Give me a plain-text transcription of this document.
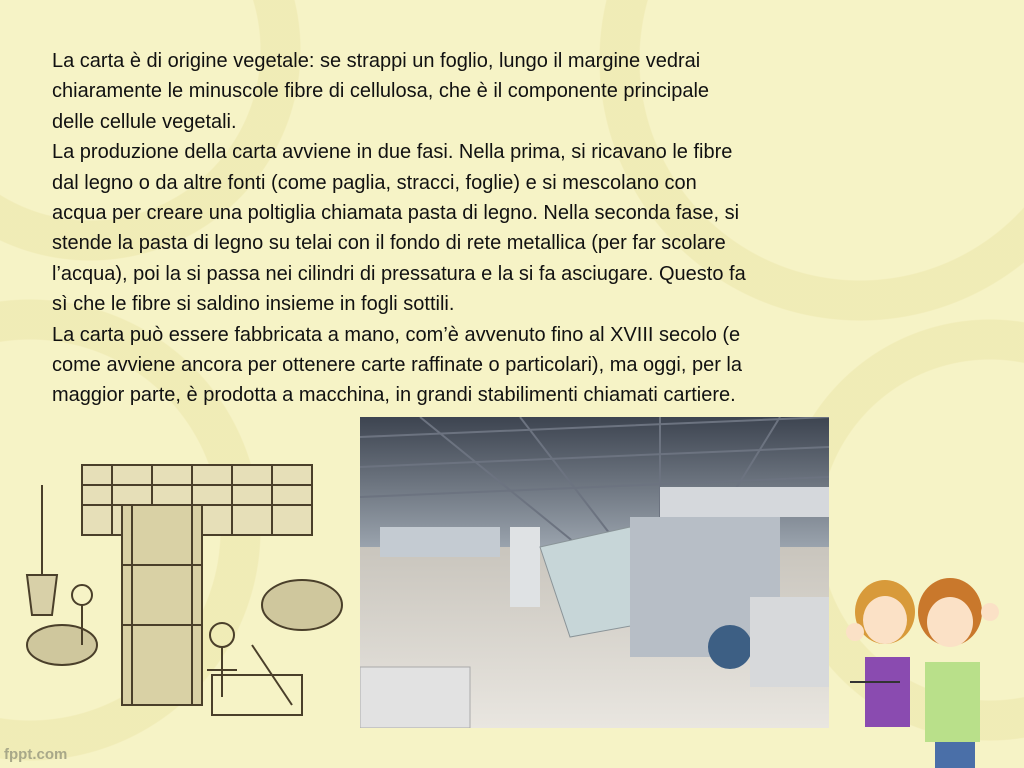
La carta è di origine vegetale: se strappi un foglio, lungo il margine vedrai
chiaramente le minuscole fibre di cellulosa, che è il componente principale
delle cellule vegetali.
La produzione della carta avviene in due fasi. Nella prima, si ricavano le fibre
dal legno o da altre fonti (come paglia, stracci, foglie) e si mescolano con
acqua per creare una poltiglia chiamata pasta di legno. Nella seconda fase, si
stende la pasta di legno su telai con il fondo di rete metallica (per far scolare
l’acqua), poi la si passa nei cilindri di pressatura e la si fa asciugare. Questo fa
sì che le fibre si saldino insieme in fogli sottili.
La carta può essere fabbricata a mano, com’è avvenuto fino al XVIII secolo (e
come avviene ancora per ottenere carte raffinate o particolari), ma oggi, per la
maggior parte, è prodotta a macchina, in grandi stabilimenti chiamati cartiere.
fppt.com
